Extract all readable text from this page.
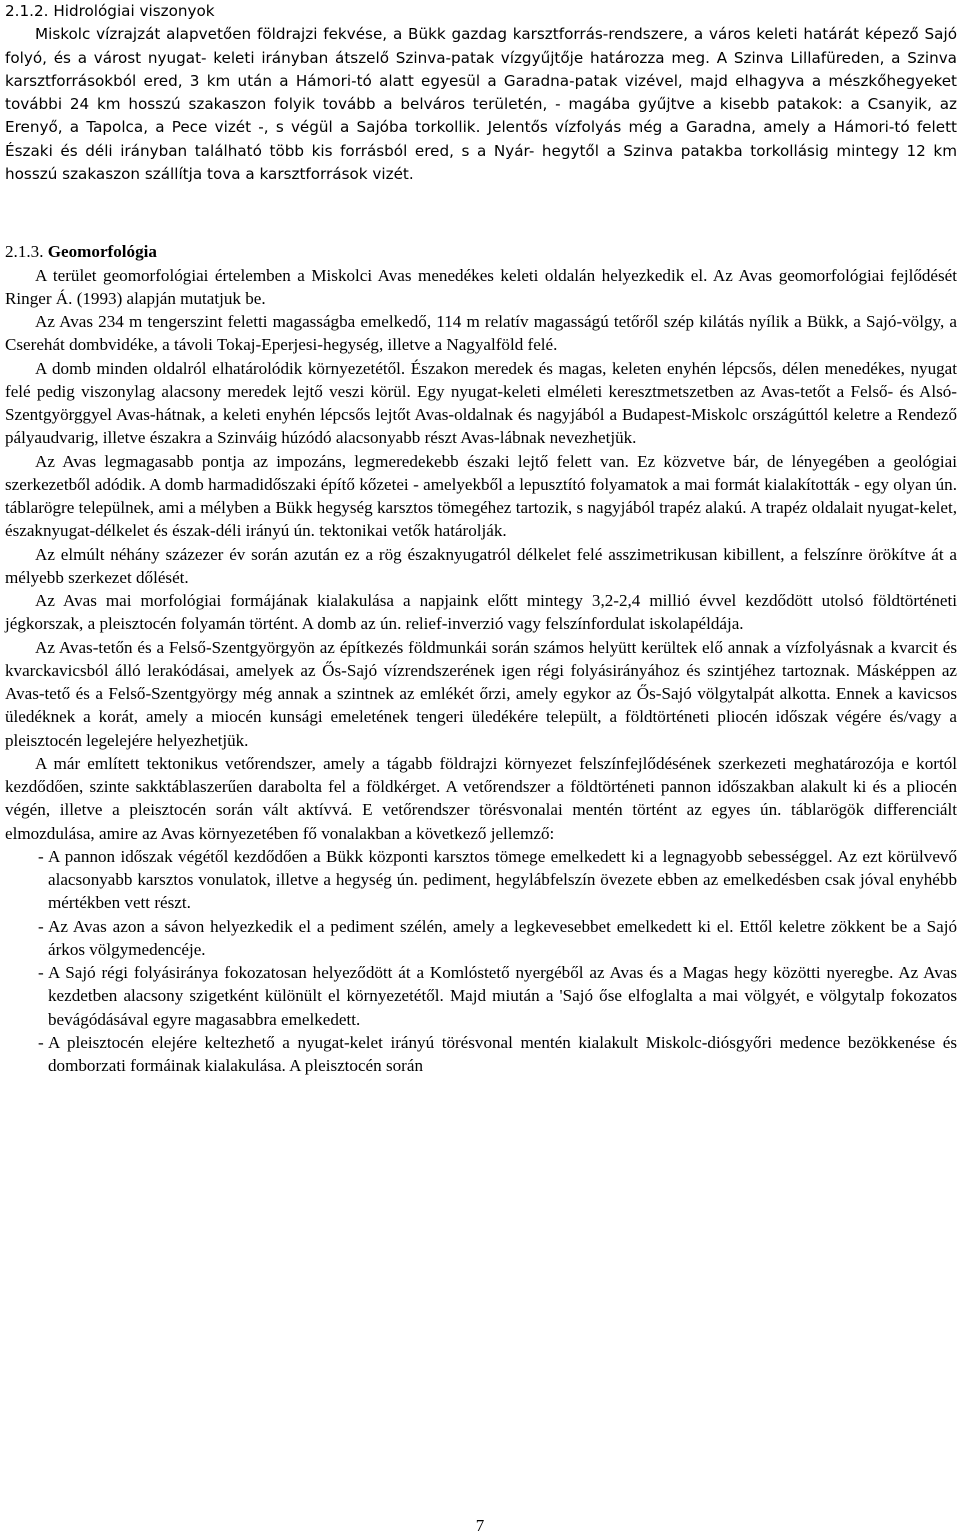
2.1.2. Hidrológiai viszonyok

Miskolc vízrajzát alapvetően földrajzi fekvése, a Bükk gazdag karsztforrás-rendszere, a város keleti határát képező Sajó folyó, és a várost nyugat- keleti irányban átszelő Szinva-patak vízgyűjtője határozza meg. A Szinva Lillafüreden, a Szinva karsztforrásokból ered, 3 km után a Hámori-tó alatt egyesül a Garadna-patak vizével, majd elhagyva a mészkőhegyeket további 24 km hosszú szakaszon folyik tovább a belváros területén, - magába gyűjtve a kisebb patakok: a Csanyik, az Erenyő, a Tapolca, a Pece vizét -, s végül a Sajóba torkollik. Jelentős vízfolyás még a Garadna, amely a Hámori-tó felett Északi és déli irányban található több kis forrásból ered, s a Nyár- hegytől a Szinva patakba torkollásig mintegy 12 km hosszú szakaszon szállítja tova a karsztforrások vizét.

2.1.3. Geomorfológia

A terület geomorfológiai értelemben a Miskolci Avas menedékes keleti oldalán helyezkedik el. Az Avas geomorfológiai fejlődését Ringer Á. (1993) alapján mutatjuk be.

Az Avas 234 m tengerszint feletti magasságba emelkedő, 114 m relatív magasságú tetőről szép kilátás nyílik a Bükk, a Sajó-völgy, a Cserehát dombvidéke, a távoli Tokaj-Eperjesi-hegység, illetve a Nagyalföld felé.

A domb minden oldalról elhatárolódik környezetétől. Északon meredek és magas, keleten enyhén lépcsős, délen menedékes, nyugat felé pedig viszonylag alacsony meredek lejtő veszi körül. Egy nyugat-keleti elméleti keresztmetszetben az Avas-tetőt a Felső- és Alsó-Szentgyörggyel Avas-hátnak, a keleti enyhén lépcsős lejtőt Avas-oldalnak és nagyjából a Budapest-Miskolc országúttól keletre a Rendező pályaudvarig, illetve északra a Szinváig húzódó alacsonyabb részt Avas-lábnak nevezhetjük.

Az Avas legmagasabb pontja az impozáns, legmeredekebb északi lejtő felett van. Ez közvetve bár, de lényegében a geológiai szerkezetből adódik. A domb harmadidőszaki építő kőzetei - amelyekből a lepusztító folyamatok a mai formát kialakították - egy olyan ún. táblarögre települnek, ami a mélyben a Bükk hegység karsztos tömegéhez tartozik, s nagyjából trapéz alakú. A trapéz oldalait nyugat-kelet, északnyugat-délkelet és észak-déli irányú ún. tektonikai vetők határolják.

Az elmúlt néhány százezer év során azután ez a rög északnyugatról délkelet felé asszimetrikusan kibillent, a felszínre örökítve át a mélyebb szerkezet dőlését.

Az Avas mai morfológiai formájának kialakulása a napjaink előtt mintegy 3,2-2,4 millió évvel kezdődött utolsó földtörténeti jégkorszak, a pleisztocén folyamán történt. A domb az ún. relief-inverzió vagy felszínfordulat iskolapéldája.

Az Avas-tetőn és a Felső-Szentgyörgyön az építkezés földmunkái során számos helyütt kerültek elő annak a vízfolyásnak a kvarcit és kvarckavicsból álló lerakódásai, amelyek az Ős-Sajó vízrendszerének igen régi folyásirányához és szintjéhez tartoznak. Másképpen az Avas-tető és a Felső-Szentgyörgy még annak a szintnek az emlékét őrzi, amely egykor az Ős-Sajó völgytalpát alkotta. Ennek a kavicsos üledéknek a korát, amely a miocén kunsági emeletének tengeri üledékére települt, a földtörténeti pliocén időszak végére és/vagy a pleisztocén legelejére helyezhetjük.

A már említett tektonikus vetőrendszer, amely a tágabb földrajzi környezet felszínfejlődésének szerkezeti meghatározója e kortól kezdődően, szinte sakktáblaszerűen darabolta fel a földkérget. A vetőrendszer a földtörténeti pannon időszakban alakult ki és a pliocén végén, illetve a pleisztocén során vált aktívvá. E vetőrendszer törésvonalai mentén történt az egyes ún. táblarögök differenciált elmozdulása, amire az Avas környezetében fő vonalakban a következő jellemző:

- A pannon időszak végétől kezdődően a Bükk központi karsztos tömege emelkedett ki a legnagyobb sebességgel. Az ezt körülvevő alacsonyabb karsztos vonulatok, illetve a hegység ún. pediment, hegylábfelszín övezete ebben az emelkedésben csak jóval enyhébb mértékben vett részt.
- Az Avas azon a sávon helyezkedik el a pediment szélén, amely a legkevesebbet emelkedett ki el. Ettől keletre zökkent be a Sajó árkos völgymedencéje.
- A Sajó régi folyásiránya fokozatosan helyeződött át a Komlóstető nyergéből az Avas és a Magas hegy közötti nyeregbe. Az Avas kezdetben alacsony szigetként különült el környezetétől. Majd miután a 'Sajó őse elfoglalta a mai völgyét, e völgytalp fokozatos bevágódásával egyre magasabbra emelkedett.
- A pleisztocén elejére keltezhető a nyugat-kelet irányú törésvonal mentén kialakult Miskolc-diósgyőri medence bezökkenése és domborzati formáinak kialakulása. A pleisztocén során
7
